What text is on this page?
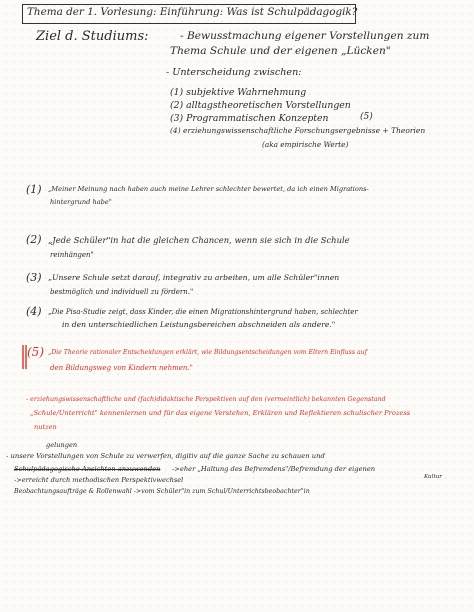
Thema der 1. Vorlesung: Einführung: Was ist Schulpädagogik?
Ziel d. Studiums:	- Bewusstmachung eigener Vorstellungen zum
Thema Schule und der eigenen „Lücken"
- Unterscheidung zwischen:
(1) subjektive Wahrnehmung
(2) alltagstheoretischen Vorstellungen
(3) Programmatischen Konzepten	(5)
(4) erziehungswissenschaftliche Forschungsergebnisse + Theorien
(aka empirische Werte)
(1) „Meiner Meinung nach haben auch meine Lehrer schlechter bewertet, da ich einen Migrations-
hintergrund habe"
(2) „Jede Schüler"in hat die gleichen Chancen, wenn sie sich in die Schule
reinhängen"
(3) „Unsere Schule setzt darauf, integrativ zu arbeiten, um alle Schüler"innen
bestmöglich und individuell zu fördern."
(4) „Die Pisa-Studie zeigt, dass Kinder, die einen Migrationshintergrund haben, schlechter
in den unterschiedlichen Leistungsbereichen abschneiden als andere."
(5) „Die Theorie rationaler Entscheidungen erklärt, wie Bildungsentscheidungen vom Eltern Einfluss auf
den Bildungsweg von Kindern nehmen."
- erziehungswissenschaftliche und (fach)didaktische Perspektiven auf den (vermeintlich) bekannten Gegenstand
„Schule/Unterricht" kennenlernen und für das eigene Verstehen, Erklären und Reflektieren schulischer Prozess
nutzen
gelungen
- unsere Vorstellungen von Schule zu verwerfen, digitiv auf die ganze Sache zu schauen und
Schulpädagogische Ansichten anzuwenden ->eher „Haltung des Befremdens"/Befremdung der eigenen
Kultur
->erreicht durch methodischen Perspektivwechsel
Beobachtungsaufträge & Rollenwahl ->vom Schüler"in zum Schul/Unterrichtsbeobachter"in
